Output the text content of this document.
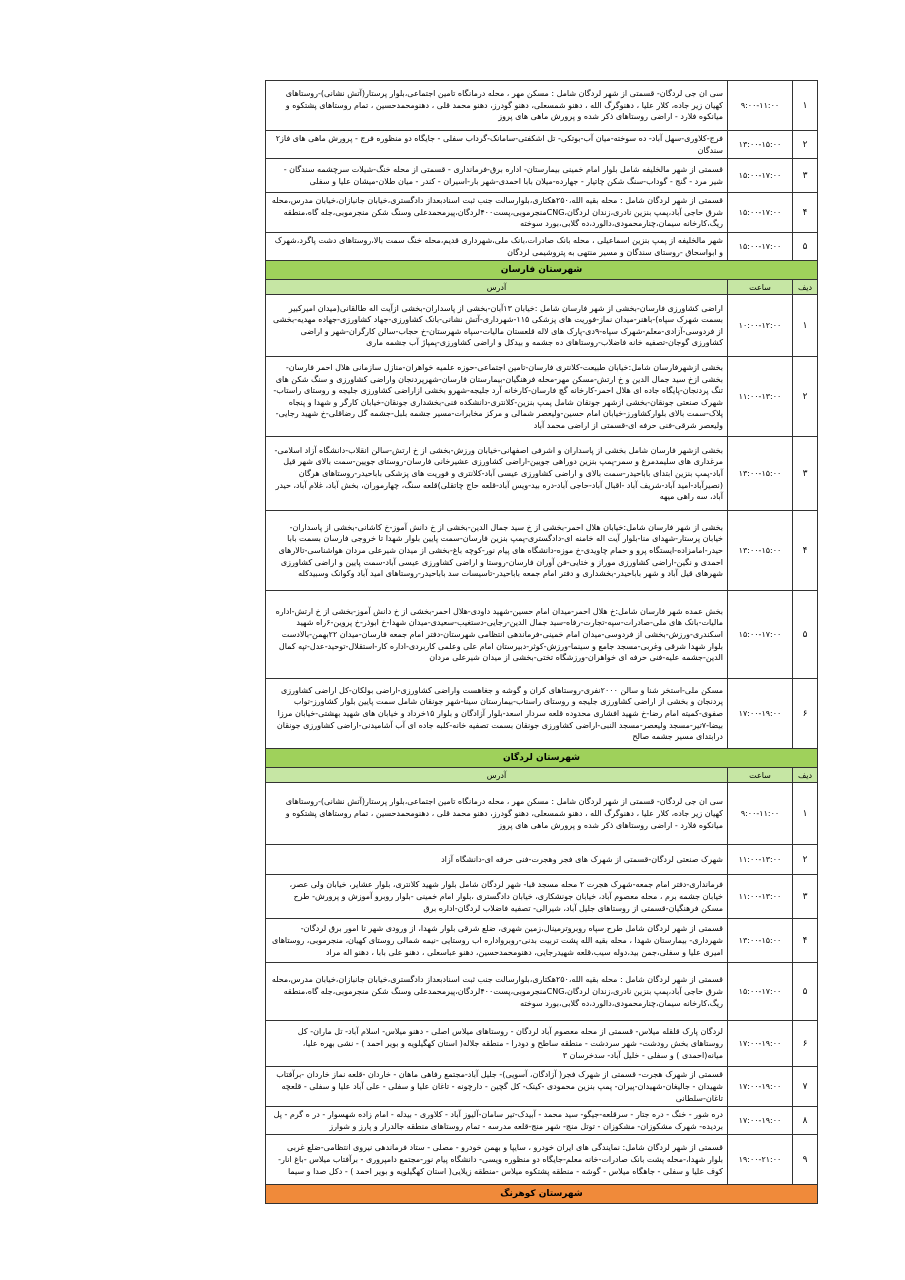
۱	۹:۰۰-۱۱:۰۰	سی ان جی لردگان- قسمتی از شهر لردگان شامل : مسکن مهر ، محله درمانگاه تامین اجتماعی،بلوار پرستار(آتش نشانی)-روستاهای کهیان زیر جاده، کلار علیا ، دهنوگرگ الله ، دهنو شمسعلی، دهنو گودرز، دهنو محمد قلی ، دهنومحمدحسین ، تمام روستاهای پشتکوه و میانکوه فلارد - اراضی روستاهای ذکر شده و پرورش ماهی های پروز
۲	۱۳:۰۰-۱۵:۰۰	فرج-کلاوری-سهل آباد- ده سوخته-میان آب-بوتکی- تل اشکفتی-سامانک-گرداب سفلی - جایگاه دو منظوره فرج - پرورش ماهی های فاز۲ سندگان
۳	۱۵:۰۰-۱۷:۰۰	قسمتی از شهر مالخلیفه شامل بلوار امام خمینی بیمارستان- اداره برق-فرمانداری - قسمتی از محله خنگ-شیلات سرچشمه سندگان - شیر مرد - گنج - گوداب-سنگ شکن چاتیار - جهارده-میلان بابا احمدی-شهر بار-اسیران - کندر - میان طلان-میشان علیا و سفلی
۴	۱۵:۰۰-۱۷:۰۰	قسمتی از شهر لردگان شامل : محله بقیه الله،۲۵۰هکتاری،بلوارسالت جنب ثبت اسنادبعداز دادگستری،خیابان جانبازان،خیابان مدرس،محله شرق حاجی آباد،پمپ بنزین نادری،زندان لردگان،CNGمنجرموبی،پست۴۰۰لردگان،پیرمحمدعلی وسنگ شکن منجرموبی،جله گاه،منطقه ریگ،کارخانه سیمان،چنارمحمودی،دالورد،ده گلابی،بورد سوخته
۵	۱۵:۰۰-۱۷:۰۰	شهر مالخلیفه از پمپ بنزین اسماعیلی ، محله بانک صادرات،بانک ملی،شهرداری قدیم،محله خنگ سمت بالا،روستاهای دشت پاگرد،شهرک و ابواسحاق -روستای سندگان و مسیر منتهی به پتروشیمی لردگان
شهرستان فارسان		
دیف	ساعت	آدرس
۱	۱۰:۰۰-۱۲:۰۰	اراضی کشاورزی فارسان-بخشی از شهر فارسان شامل :خیابان ۱۳آبان-بخشی از پاسداران-بخشی ازآیت اله طالقانی(میدان امیرکبیر بسمت شهرک سپاه)-باهنر-میدان نماز-فوریت های پزشکی ۱۱۵-شهرداری-آتش نشانی-بانک کشاورزی-جهاد کشاورزی-جهاده مهدیه-بخشی از فردوسی-آزادی-معلم-شهرک سپاه-۹دی-پارک های لاله قلعستان مالیات-سپاه شهرستان-خ حجاب-سالن کارگران-شهر و اراضی کشاورزی گوجان-تصفیه خانه فاضلاب-روستاهای ده جشمه و بیدکل و اراضی کشاورزی-پمپاژ آب جشمه ماری
۲	۱۱:۰۰-۱۳:۰۰	بخشی ازشهرفارسان شامل:خیابان طبیعت-کلانتری فارسان-تامین اجتماعی-حوزه علمیه خواهران-منازل سازمانی هلال احمر فارسان-بخشی ازخ سید جمال الدین و خ ارتش-مسکن مهر-محله فرهنگیان-بیمارستان فارسان-شهرپردنجان واراضی کشاورزی و سنگ شکن های تنگ پردنجان-پایگاه جاده ای هلال احمر-کارخانه گچ فارسان-کارخانه آرد جلیجه-شهرو بخشی ازاراضی کشاورزی جلیجه و روستای راستاب-شهرک صنعتی جونقان-بخشی ازشهر جونقان شامل پمپ بنزین-کلانتری-دانشکده فنی-بخشداری جونقان-خیابان کارگر و شهدا و پنجاه پلاک-سمت بالای بلوارکشاورز-خیابان امام حسین-ولیعصر شمالی و مرکز مخابرات-مسیر جشمه بلبل-جشمه گل رضاقلی-خ شهید رجایی-ولیعصر شرقی-فنی حرفه ای-قسمتی از اراضی محمد آباد
۳	۱۳:۰۰-۱۵:۰۰	بخشی ازشهر فارسان شامل بخشی از پاسداران و اشرفی اصفهانی-خیابان ورزش-بخشی از خ ارتش-سالن انقلاب-دانشگاه آزاد اسلامی-مرغداری های سلیمدمرغ و سمر-پمپ بنزین دوراهی جویین-اراضی کشاورزی عشیرخانی فارسان-روستای جویین-سمت بالای شهر قیل آباد-پمپ بنزین ابتدای باباحیدر-سمت بالای و اراضی کشاورزی عیسی آباد-کلانتری و فوریت های پزشکی باباحیدر-روستاهای هرگان (نصیرآباد-امید آباد-شریف آباد -اقبال آباد-حاجی آباد-دره بید-ویس آباد-قلعه حاج چاتقلی)قلعه سنگ، چهارموران، بخش آباد، غلام آباد، حیدر آباد، سه راهی میهه
۴	۱۳:۰۰-۱۵:۰۰	بخشی از شهر فارسان شامل:خیابان هلال احمر-بخشی از خ سید جمال الدین-بخشی از خ دانش آموز-خ کاشانی-بخشی از پاسداران-خیابان پرستار-شهدای منا-بلوار آیت اله خامنه ای-دادگستری-پمپ بنزین فارسان-سمت پایین بلوار شهدا تا خروجی فارسان بسمت بابا حیدر-امامزاده-ایستگاه پرو و حمام چاویدی-خ موزه-دانشگاه های پیام نور-کوچه باغ-بخشی از میدان شیرعلی مردان هواشناسی-تالارهای احمدی و نگین-اراضی کشاورزی موراز و ختایی-فن آوران فارسان-روستا و اراضی کشاورزی عیسی آباد-سمت پایین و اراضی کشاورزی شهرهای قیل آباد و شهر باباحیدر-بخشداری و دفتر امام جمعه باباحیدر-تاسیسات سد باباحیدر-روستاهای امید آباد وکوانک وسبیدکله
۵	۱۵:۰۰-۱۷:۰۰	بخش عمده شهر فارسان شامل:خ هلال احمر-میدان امام حسین-شهید داودی-هلال احمر-بخشی از خ دانش آموز-بخشی از خ ارتش-اداره مالیات-بانک های ملی-صادرات-سپه-تجارت-رفاه-سید جمال الدین-رجایی-دستغیب-سعیدی-میدان شهدا-خ ابوذر-خ پروین-۶راه شهید اسکندری-ورزش-بخشی از فردوسی-میدان امام خمینی-فرماندهی انتظامی شهرستان-دفتر امام جمعه فارسان-میدان ۲۲بهمن-بالادست بلوار شهدا شرقی وغربی-مسجد جامع و سینما-ورزش-کوثر-دبیرستان امام علی وعلمی کاربردی-اداره کار-استقلال-توحید-عدل-تپه کمال الدین-جشمه علیه-فنی حرفه ای خواهران-ورزشگاه تختی-بخشی از میدان شیرعلی مردان
۶	۱۷:۰۰-۱۹:۰۰	مسکن ملی-استخر شنا و سالن ۲۰۰۰نفری-روستاهای کران و گوشه و جغاهست واراضی کشاورزی-اراضی بولکان-کل اراضی کشاورزی پردنجان و بخشی از اراضی کشاورزی جلیجه و روستای راستاب-بیمارستان سینا-شهر جونقان شامل سمت پایین بلوار کشاورز-تواب صفوی-کمیته امام رضا-خ شهید افشاری محدوده قلعه سردار اسعد-بلوار آزادگان و بلوار ۱۵خرداد و خیابان های شهید بهشتی-خیابان مرزا بیضا-۷تیر-مسجد ولیعصر-مسجد النبی-اراضی کشاورزی جونقان بسمت تصفیه خانه-کلبه جاده ای آب آشامیدنی-اراضی کشاورزی جونقان درابتدای مسیر جشمه صالح
شهرستان لردگان		
دیف	ساعت	آدرس
۱	۹:۰۰-۱۱:۰۰	سی ان جی لردگان- قسمتی از شهر لردگان شامل : مسکن مهر ، محله درمانگاه تامین اجتماعی،بلوار پرستار(آتش نشانی)-روستاهای کهیان زیر جاده، کلار علیا ، دهنوگرگ الله ، دهنو شمسعلی، دهنو گودرز، دهنو محمد قلی ، دهنومحمدحسین ، تمام روستاهای پشتکوه و میانکوه فلارد - اراضی روستاهای ذکر شده و پرورش ماهی های پروز
۲	۱۱:۰۰-۱۳:۰۰	شهرک صنعتی لردگان-قسمتی از شهرک های فجر وهجرت-فنی حرفه ای-دانشگاه آزاد
۳	۱۱:۰۰-۱۳:۰۰	فرمانداری-دفتر امام جمعه-شهرک هجرت ۲ محله مسجد قبا- شهر لردگان شامل بلوار شهید کلانتری، بلوار عشایر، خیابان ولی عصر، خیابان جشمه برم ، محله معصوم آباد، خیابان جونشکاری، خیابان دادگستری ،بلوار امام خمینی -بلوار روبرو آموزش و پرورش- طرح مسکن فرهنگیان-قسمتی از روستاهای جلیل آباد، شیرالی- تصفیه فاضلاب لردگان-اداره برق
۴	۱۳:۰۰-۱۵:۰۰	قسمتی از شهر لردگان شامل طرح سپاه روبروترمینال،زمین شهری، ضلع شرقی بلوار شهدا، از ورودی شهر تا امور برق لردگان-شهرداری- بیمارستان شهدا ، محله بقیه الله پشت تربیت بدنی-روبرواداره اب روستایی -نیمه شمالی روستای کهیان، منجرموبی، روستاهای امیری علیا و سفلی،جمن بید،دوله سیب،قلعه شهیدرجایی، دهنومحمدحسین، دهنو عباسعلی ، دهنو علی بابا ، دهنو اله مراد
۵	۱۵:۰۰-۱۷:۰۰	قسمتی از شهر لردگان شامل : محله بقیه الله،۲۵۰هکتاری،بلوارسالت جنب ثبت اسنادبعداز دادگستری،خیابان جانبازان،خیابان مدرس،محله شرق حاجی آباد،پمپ بنزین نادری،زندان لردگان،CNGمنجرموبی،پست۴۰۰لردگان،پیرمحمدعلی وسنگ شکن منجرموبی،جله گاه،منطقه ریگ،کارخانه سیمان،چنارمحمودی،دالورد،ده گلابی،بورد سوخته
۶	۱۷:۰۰-۱۹:۰۰	لردگان پارک قلقله میلاس- قسمتی از محله معصوم آباد لردگان - روستاهای میلاس اصلی - دهنو میلاس- اسلام آباد- تل ماران- کل روستاهای بخش رودشت- شهر سردشت - منطقه ساطح و دودرا - منطقه جلاله( استان کهگیلویه و بویر احمد ) - نشی بهره علیا، میانه(احمدی ) و سفلی - خلیل آباد- سدخرسان ۳
۷	۱۷:۰۰-۱۹:۰۰	قسمتی از شهرک هجرت- قسمتی از شهرک فجر( آزادگان، آسویی)- جلیل آباد-مجتمع رفاهی ماهان - خاردان -قلعه نماز خاردان -برآفتاب شهیدان - جالیغان-شهیدان-پیران- پمپ بنزین محمودی -کینک- کل گچین - دارچونه - تاغان علیا و سفلی - علی آباد علیا و سفلی - قلعچه تاغان-سلطانی
۸	۱۷:۰۰-۱۹:۰۰	دره شور - خنگ - دره جتار - سرقلعه-جیگو- سید محمد - آبیدک-تیر سامان-آلیوز آباد - کلاوری - بیدله - امام زاده شهسوار - در ه گرم - پل بردیده- شهرک مشکوزان- مشکوزان - توتل منج- شهر منج-قلعه مدرسه - تمام روستاهای منطقه جالدرار و پارز و شوارز
۹	۱۹:۰۰-۲۱:۰۰	قسمتی از شهر لردگان شامل: نمایندگی های ایران خودرو ، سایپا و بهمن خودرو - مصلی - ستاد فرماندهی نیروی انتظامی-ضلع غربی بلوار شهدا،-محله پشت بانک صادرات-خانه معلم-جایگاه دو منظوره ویسی- دانشگاه پیام نور-مجتمع دامپروری - برآفتاب میلاس -باغ انار-کوف علیا و سفلی - جاهگاه میلاس - گوشه - منطقه پشتکوه میلاس -منطقه زیلایی( استان کهگیلویه و بویر احمد ) - دکل صدا و سیما
شهرستان کوهرنگ		
